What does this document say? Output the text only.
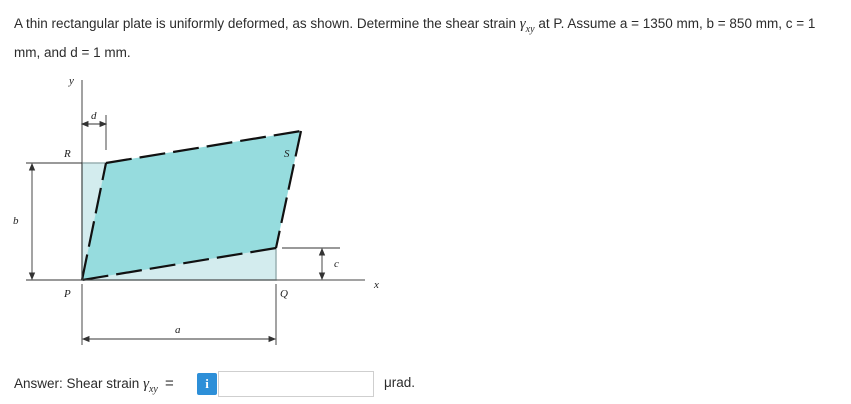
A thin rectangular plate is uniformly deformed, as shown. Determine the shear strain $\gamma_{xy}$ at P. Assume a = 1350 mm, b = 850 mm, c = 1 mm, and d = 1 mm.
y
d
R	S
b
c
x
P	Q
a
Answer: Shear strain $\gamma_{xy}$ =	i	μrad.
